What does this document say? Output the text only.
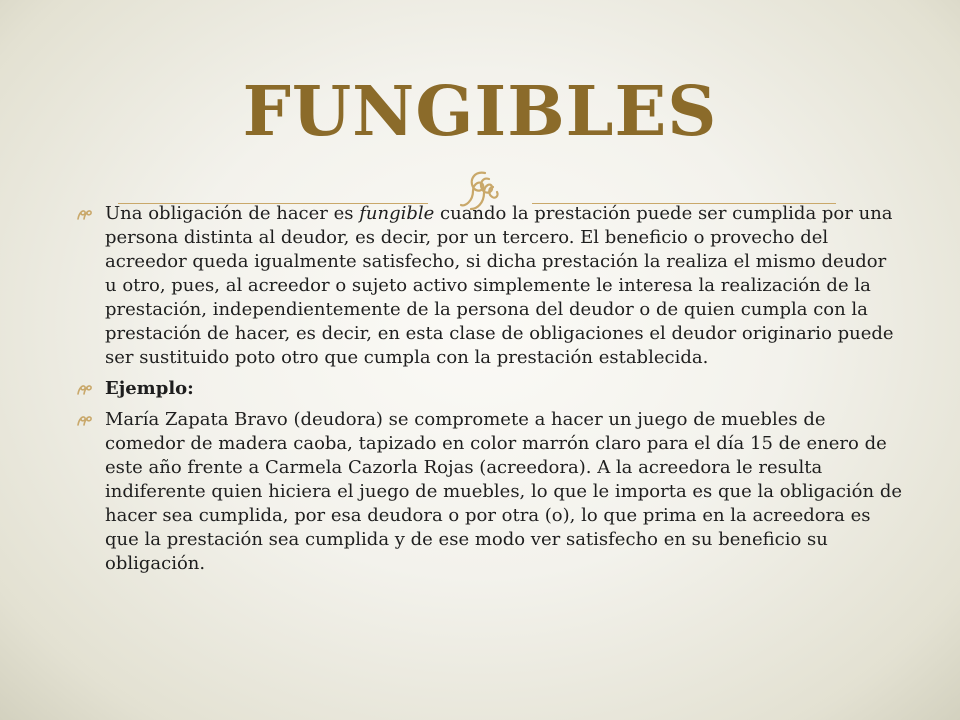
FUNGIBLES
Una obligación de hacer es fungible cuando la prestación puede ser cumplida por una persona distinta al deudor, es decir, por un tercero. El beneficio o provecho del acreedor queda igualmente satisfecho, si dicha prestación la realiza el mismo deudor u otro, pues, al acreedor o sujeto activo simplemente le interesa la realización de la prestación, independientemente de la persona del deudor o de quien cumpla con la prestación de hacer, es decir, en esta clase de obligaciones el deudor originario puede ser sustituido poto otro que cumpla con la prestación establecida.
Ejemplo:
María Zapata Bravo (deudora) se compromete a hacer un juego de muebles de comedor de madera caoba, tapizado en color marrón claro para el día 15 de enero de este año frente a Carmela Cazorla Rojas (acreedora). A la acreedora le resulta indiferente quien hiciera el juego de muebles, lo que le importa es que la obligación de hacer sea cumplida, por esa deudora o por otra (o), lo que prima en la acreedora es que la prestación sea cumplida y de ese modo ver satisfecho en su beneficio su obligación.
